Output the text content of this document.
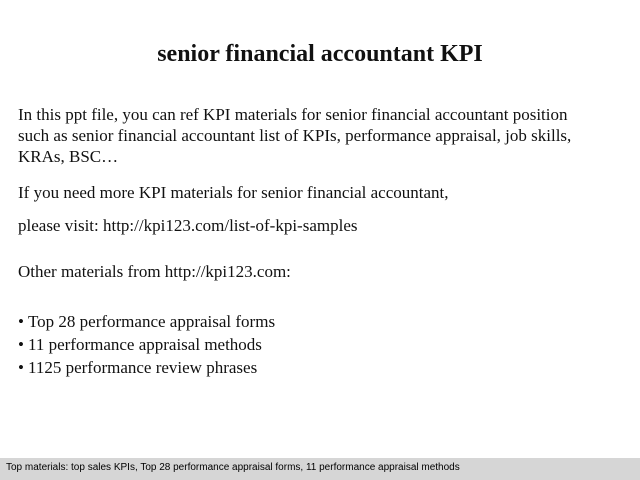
senior financial accountant KPI
In this ppt file, you can ref KPI materials for senior financial accountant position
such as senior financial accountant list of KPIs, performance appraisal, job skills,
KRAs, BSC…
If you need more KPI materials for senior financial accountant,
please visit: http://kpi123.com/list-of-kpi-samples
Other materials from http://kpi123.com:
• Top 28 performance appraisal forms
• 11 performance appraisal methods
• 1125 performance review phrases
Top materials: top sales KPIs, Top 28 performance appraisal forms, 11 performance appraisal methods
